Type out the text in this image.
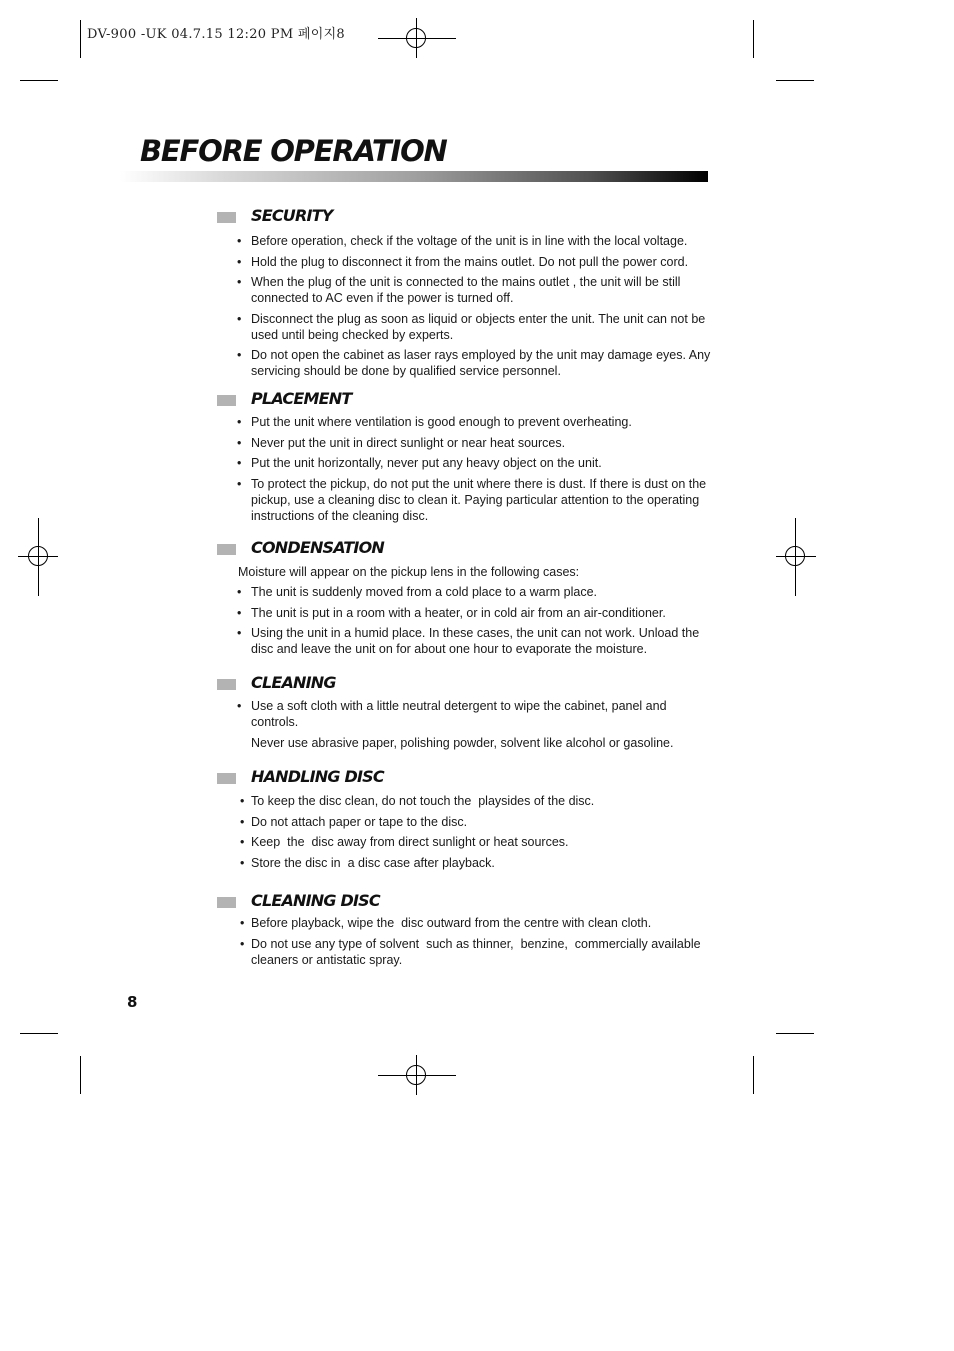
DV-900 -UK 04.7.15 12:20 PM 페이지8
BEFORE OPERATION
SECURITY
• Before operation, check if the voltage of the unit is in line with the local voltage.
• Hold the plug to disconnect it from the mains outlet. Do not pull the power cord.
• When the plug of the unit is connected to the mains outlet , the unit will be still connected to AC even if the power is turned off.
• Disconnect the plug as soon as liquid or objects enter the unit. The unit can not be used until being checked by experts.
• Do not open the cabinet as laser rays employed by the unit may damage eyes. Any servicing should be done by qualified service personnel.
PLACEMENT
• Put the unit where ventilation is good enough to prevent overheating.
• Never put the unit in direct sunlight or near heat sources.
• Put the unit horizontally, never put any heavy object on the unit.
• To protect the pickup, do not put the unit where there is dust. If there is dust on the pickup, use a cleaning disc to clean it. Paying particular attention to the operating instructions of the cleaning disc.
CONDENSATION
Moisture will appear on the pickup lens in the following cases:
• The unit is suddenly moved from a cold place to a warm place.
• The unit is put in a room with a heater, or in cold air from an air-conditioner.
• Using the unit in a humid place. In these cases, the unit can not work. Unload the disc and leave the unit on for about one hour to evaporate the moisture.
CLEANING
• Use a soft cloth with a little neutral detergent to wipe the cabinet, panel and controls.
Never use abrasive paper, polishing powder, solvent like alcohol or gasoline.
HANDLING DISC
• To keep the disc clean, do not touch the  playsides of the disc.
• Do not attach paper or tape to the disc.
• Keep  the  disc away from direct sunlight or heat sources.
• Store the disc in  a disc case after playback.
CLEANING DISC
• Before playback, wipe the  disc outward from the centre with clean cloth.
• Do not use any type of solvent  such as thinner,  benzine,  commercially available cleaners or antistatic spray.
8
